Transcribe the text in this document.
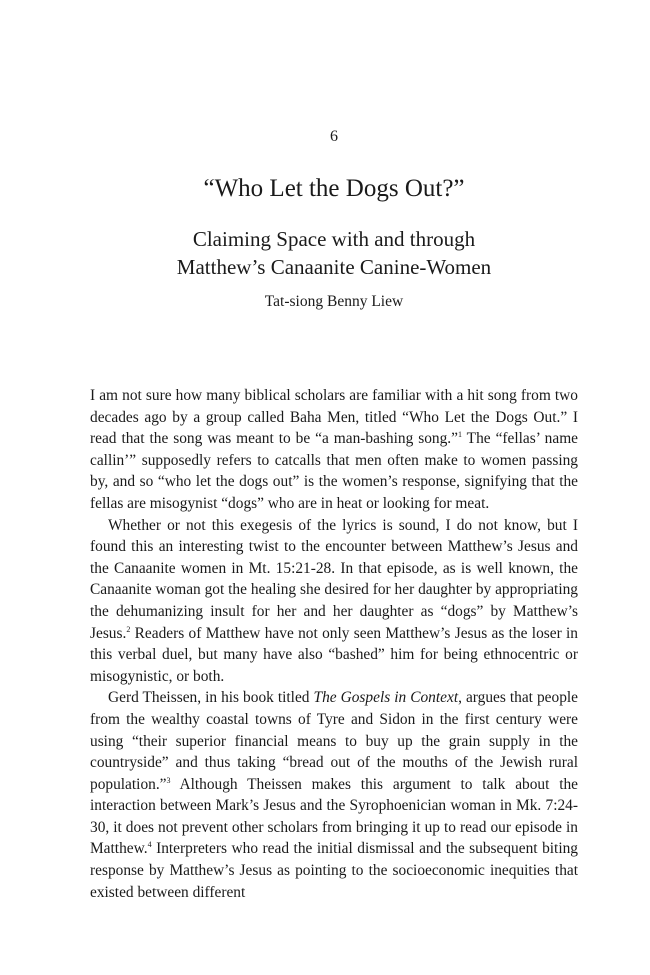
6
“Who Let the Dogs Out?”
Claiming Space with and through
Matthew’s Canaanite Canine-Women
Tat-siong Benny Liew

I am not sure how many biblical scholars are familiar with a hit song from two decades ago by a group called Baha Men, titled “Who Let the Dogs Out.” I read that the song was meant to be “a man-bashing song.”$^1$ The “fellas’ name callin’” supposedly refers to catcalls that men often make to women passing by, and so “who let the dogs out” is the women’s response, signifying that the fellas are misogynist “dogs” who are in heat or looking for meat.

Whether or not this exegesis of the lyrics is sound, I do not know, but I found this an interesting twist to the encounter between Matthew’s Jesus and the Canaanite women in Mt. 15:21-28. In that episode, as is well known, the Canaanite woman got the healing she desired for her daughter by appropriating the dehumanizing insult for her and her daughter as “dogs” by Matthew’s Jesus.$^2$ Readers of Matthew have not only seen Matthew’s Jesus as the loser in this verbal duel, but many have also “bashed” him for being ethnocentric or misogynistic, or both.

Gerd Theissen, in his book titled The Gospels in Context, argues that people from the wealthy coastal towns of Tyre and Sidon in the first century were using “their superior financial means to buy up the grain supply in the countryside” and thus taking “bread out of the mouths of the Jewish rural population.”$^3$ Although Theissen makes this argument to talk about the interaction between Mark’s Jesus and the Syrophoenician woman in Mk. 7:24-30, it does not prevent other scholars from bringing it up to read our episode in Matthew.$^4$ Interpreters who read the initial dismissal and the subsequent biting response by Matthew’s Jesus as pointing to the socioeconomic inequities that existed between different
